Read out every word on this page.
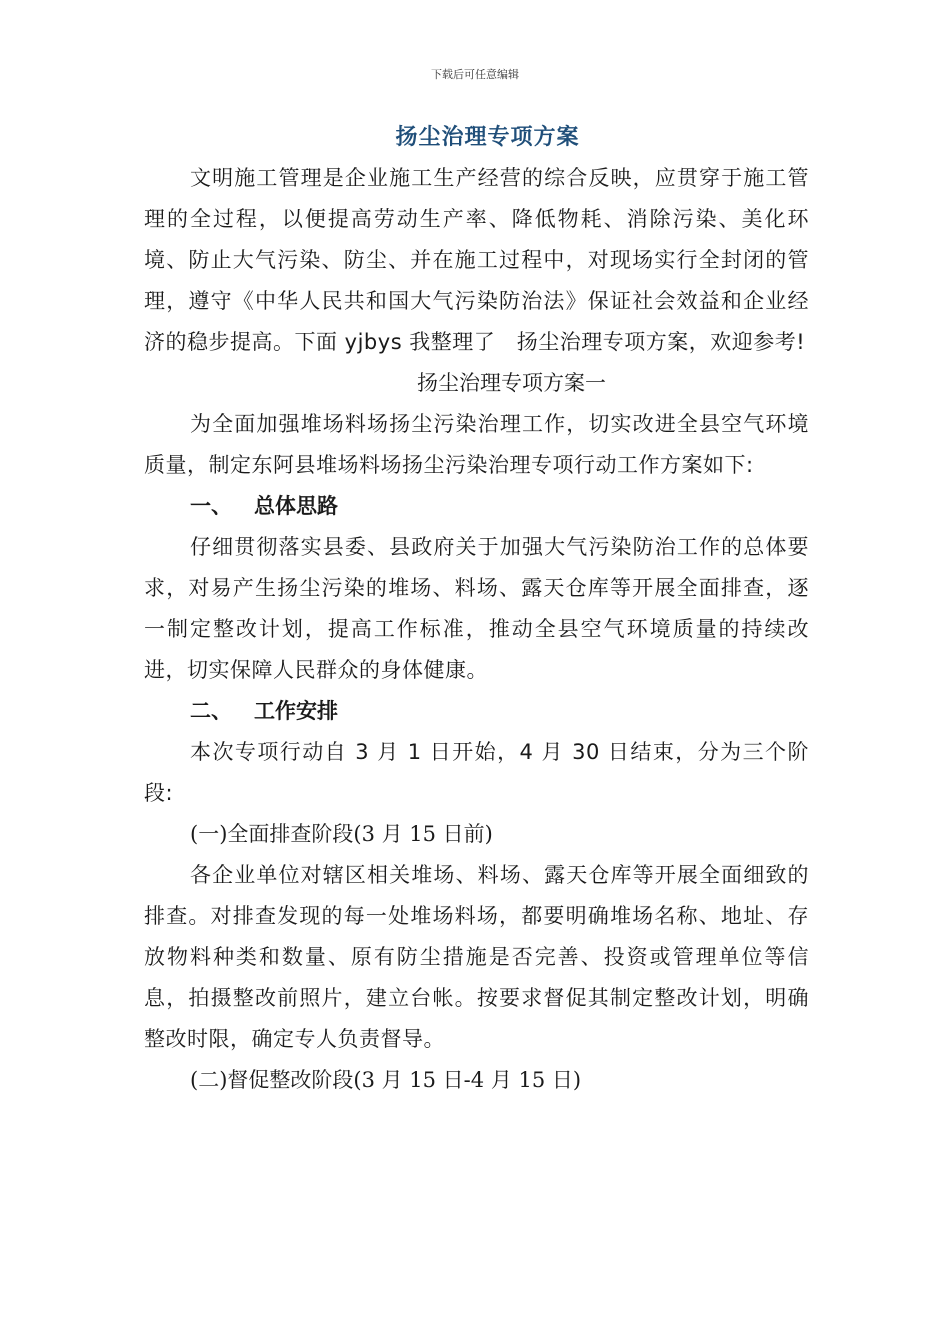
下载后可任意编辑
扬尘治理专项方案

文明施工管理是企业施工生产经营的综合反映，应贯穿于施工管理的全过程，以便提高劳动生产率、降低物耗、消除污染、美化环境、防止大气污染、防尘、并在施工过程中，对现场实行全封闭的管理，遵守《中华人民共和国大气污染防治法》保证社会效益和企业经济的稳步提高。下面 yjbys 我整理了　扬尘治理专项方案，欢迎参考!

扬尘治理专项方案一

为全面加强堆场料场扬尘污染治理工作，切实改进全县空气环境质量，制定东阿县堆场料场扬尘污染治理专项行动工作方案如下:

一、 总体思路

仔细贯彻落实县委、县政府关于加强大气污染防治工作的总体要求，对易产生扬尘污染的堆场、料场、露天仓库等开展全面排查，逐一制定整改计划，提高工作标准，推动全县空气环境质量的持续改进，切实保障人民群众的身体健康。

二、 工作安排

本次专项行动自 3 月 1 日开始，4 月 30 日结束，分为三个阶段:

(一)全面排查阶段(3 月 15 日前)

各企业单位对辖区相关堆场、料场、露天仓库等开展全面细致的排查。对排查发现的每一处堆场料场，都要明确堆场名称、地址、存放物料种类和数量、原有防尘措施是否完善、投资或管理单位等信息，拍摄整改前照片，建立台帐。按要求督促其制定整改计划，明确整改时限，确定专人负责督导。

(二)督促整改阶段(3 月 15 日-4 月 15 日)
